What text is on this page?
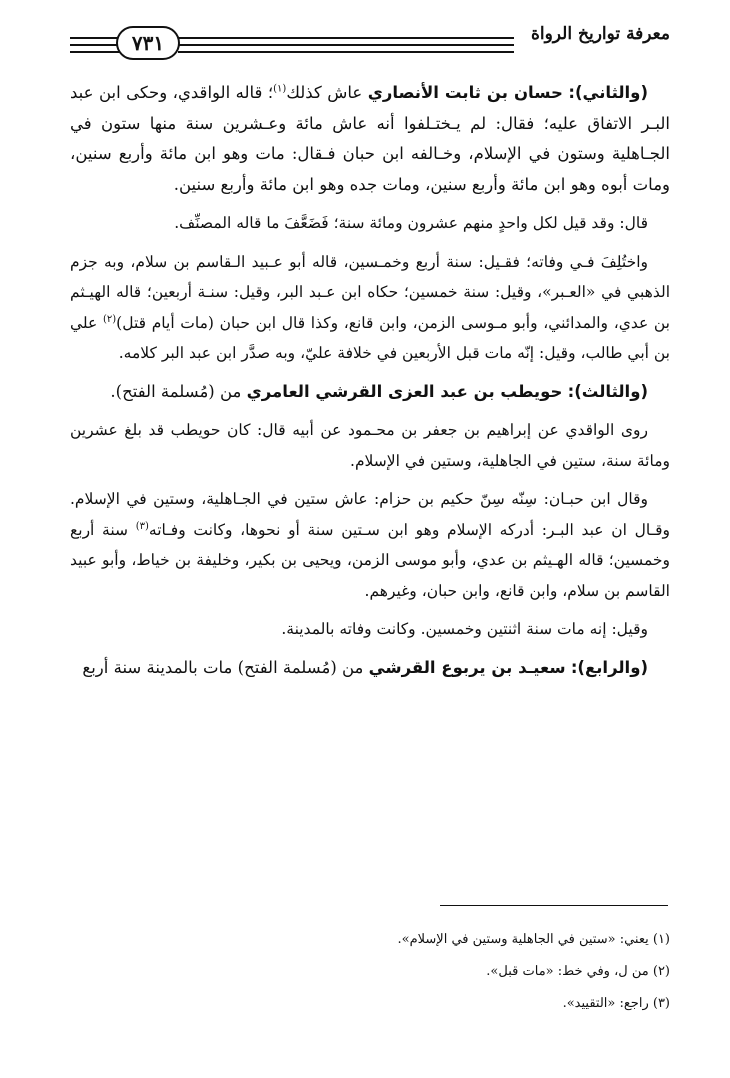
٧٣١	معرفة تواريخ الرواة

(والثاني): حسان بن ثابت الأنصاري عاش كذلك$^{(١)}$؛ قاله الواقدي، وحكى ابن عبد البـر الاتفاق عليه؛ فقال: لم يـختـلفوا أنه عاش مائة وعـشرين سنة منها ستون في الجـاهلية وستون في الإسلام، وخـالفه ابن حبان فـقال: مات وهو ابن مائة وأربع سنين، ومات أبوه وهو ابن مائة وأربع سنين، ومات جده وهو ابن مائة وأربع سنين.

قال: وقد قيل لكل واحدٍ منهم عشرون ومائة سنة؛ فَضَعَّفَ ما قاله المصنِّف.

واختُلِفَ فـي وفاته؛ فقـيل: سنة أربع وخمـسين، قاله أبو عـبيد الـقاسم بن سلام، وبه جزم الذهبي في «العـبر»، وقيل: سنة خمسين؛ حكاه ابن عـبد البر، وقيل: سنـة أربعين؛ قاله الهيـثم بن عدي، والمدائني، وأبو مـوسى الزمن، وابن قانع، وكذا قال ابن حبان (مات أيام قتل)$^{(٢)}$ علي بن أبي طالب، وقيل: إنّه مات قبل الأربعين في خلافة عليّ، وبه صدَّر ابن عبد البر كلامه.

(والثالث): حويطب بن عبد العزى القرشي العامري من (مُسلمة الفتح).

روى الواقدي عن إبراهيم بن جعفر بن محـمود عن أبيه قال: كان حويطب قد بلغ عشرين ومائة سنة، ستين في الجاهلية، وستين في الإسلام.

وقال ابن حبـان: سِنّه سِنّ حكيم بن حزام: عاش ستين في الجـاهلية، وستين في الإسلام. وقـال ان عبد البـر: أدركه الإسلام وهو ابن سـتين سنة أو نحوها، وكانت وفـاته$^{(٣)}$ سنة أربع وخمسين؛ قاله الهـيثم بن عدي، وأبو موسى الزمن، ويحيى بن بكير، وخليفة بن خياط، وأبو عبيد القاسم بن سلام، وابن قانع، وابن حبان، وغيرهم.

وقيل: إنه مات سنة اثنتين وخمسين. وكانت وفاته بالمدينة.

(والرابع): سعيـد بن يربوع القرشي من (مُسلمة الفتح) مات بالمدينة سنة أربع

(١) يعني: «ستين في الجاهلية وستين في الإسلام».
(٢) من ل، وفي خط: «مات قبل».
(٣) راجع: «التقييد».
